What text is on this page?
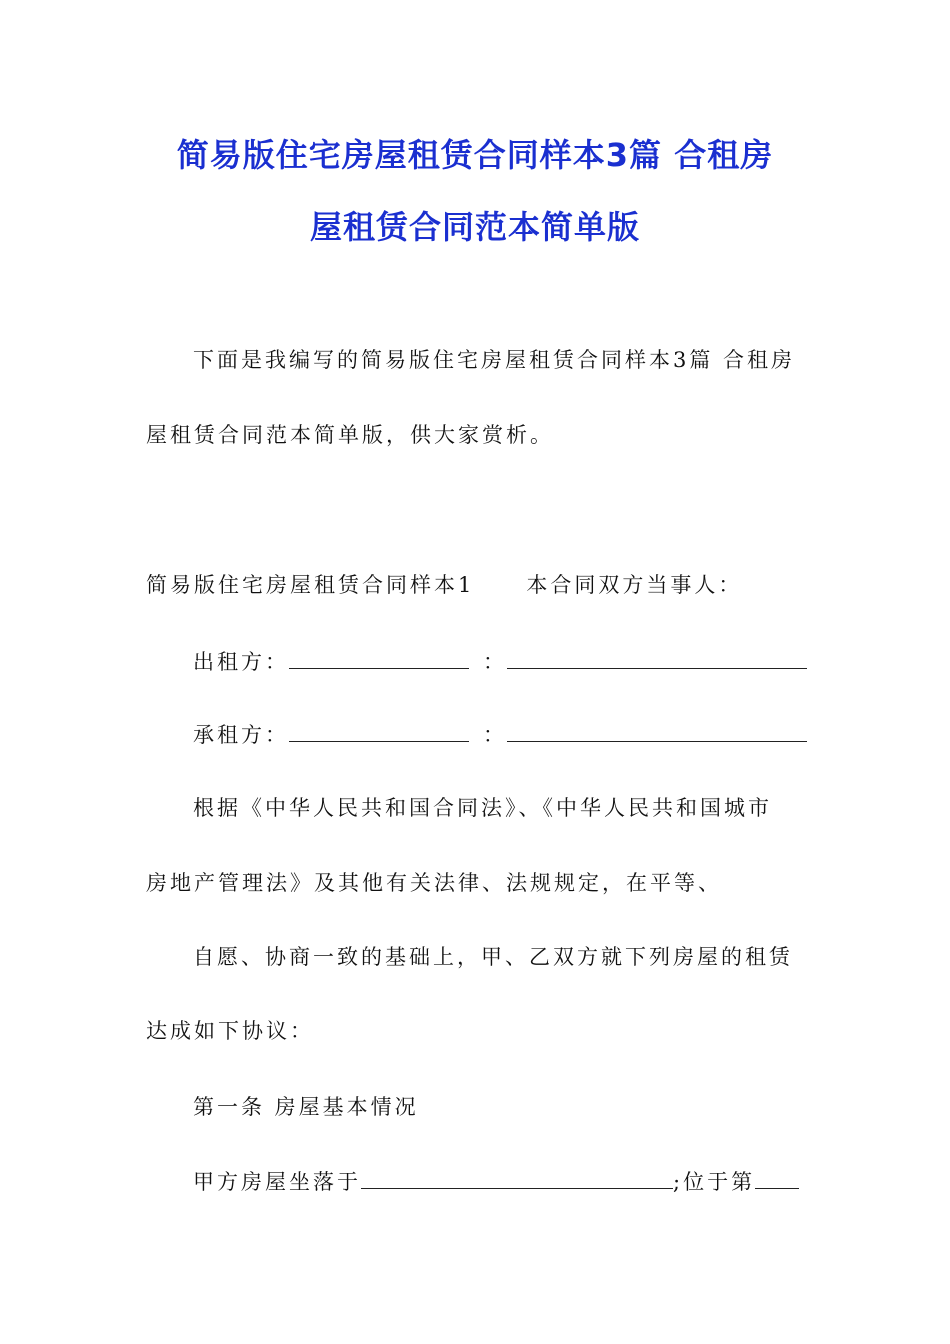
简易版住宅房屋租赁合同样本3篇 合租房
屋租赁合同范本简单版
下面是我编写的简易版住宅房屋租赁合同样本3篇 合租房
屋租赁合同范本简单版，供大家赏析。
简易版住宅房屋租赁合同样本1 本合同双方当事人：
出租方：	：
承租方：	：
根据《中华人民共和国合同法》、《中华人民共和国城市
房地产管理法》及其他有关法律、法规规定，在平等、
自愿、协商一致的基础上，甲、乙双方就下列房屋的租赁
达成如下协议：
第一条 房屋基本情况
甲方房屋坐落于	;位于第
